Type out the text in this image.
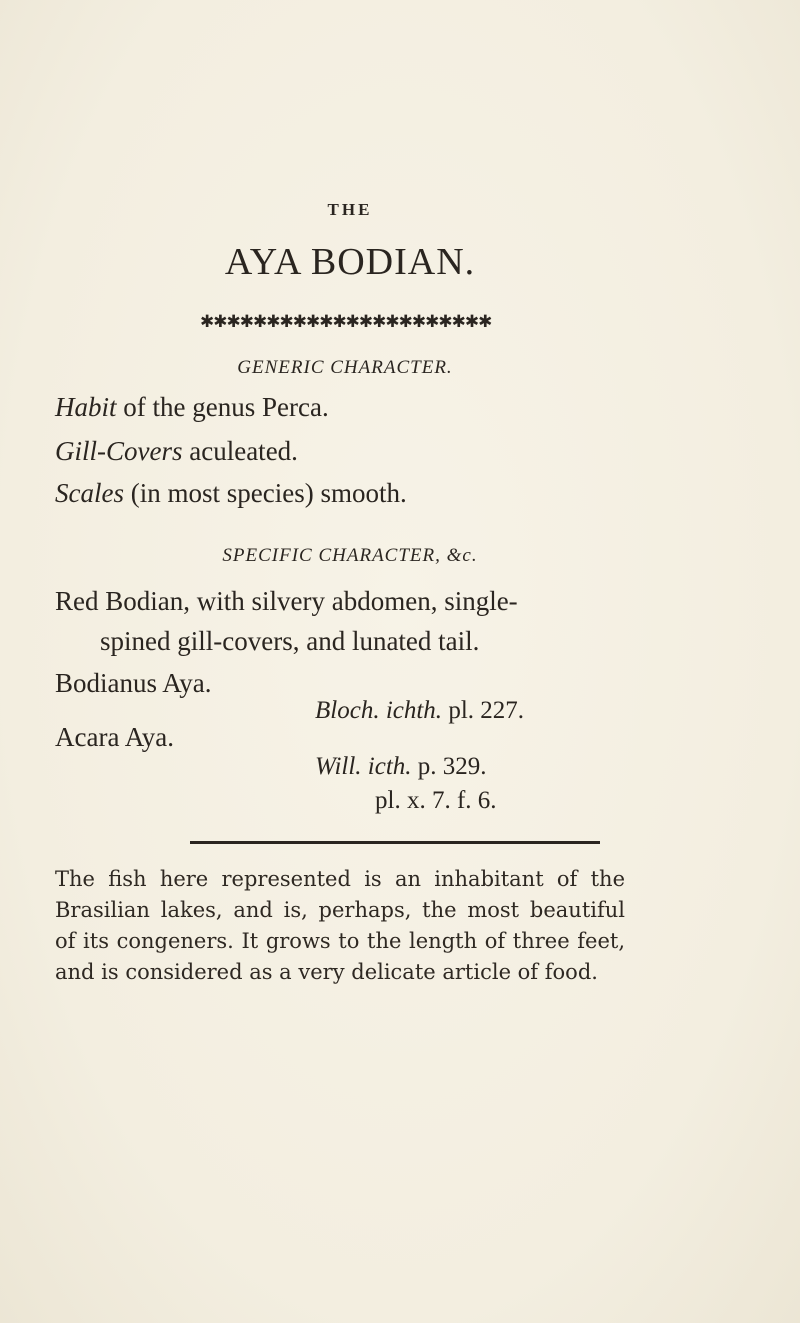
THE
AYA BODIAN.
✱✱✱✱✱✱✱✱✱✱✱✱✱✱✱✱✱✱✱✱✱✱
GENERIC CHARACTER.
Habit of the genus Perca.
Gill-Covers aculeated.
Scales (in most species) smooth.
SPECIFIC CHARACTER, &c.
Red Bodian, with silvery abdomen, single-
spined gill-covers, and lunated tail.
Bodianus Aya.
Bloch. ichth. pl. 227.
Acara Aya.
Will. icth. p. 329.
pl. x. 7. f. 6.
The fish here represented is an inhabitant of the
Brasilian lakes, and is, perhaps, the most beautiful
of its congeners. It grows to the length of three feet,
and is considered as a very delicate article of food.
